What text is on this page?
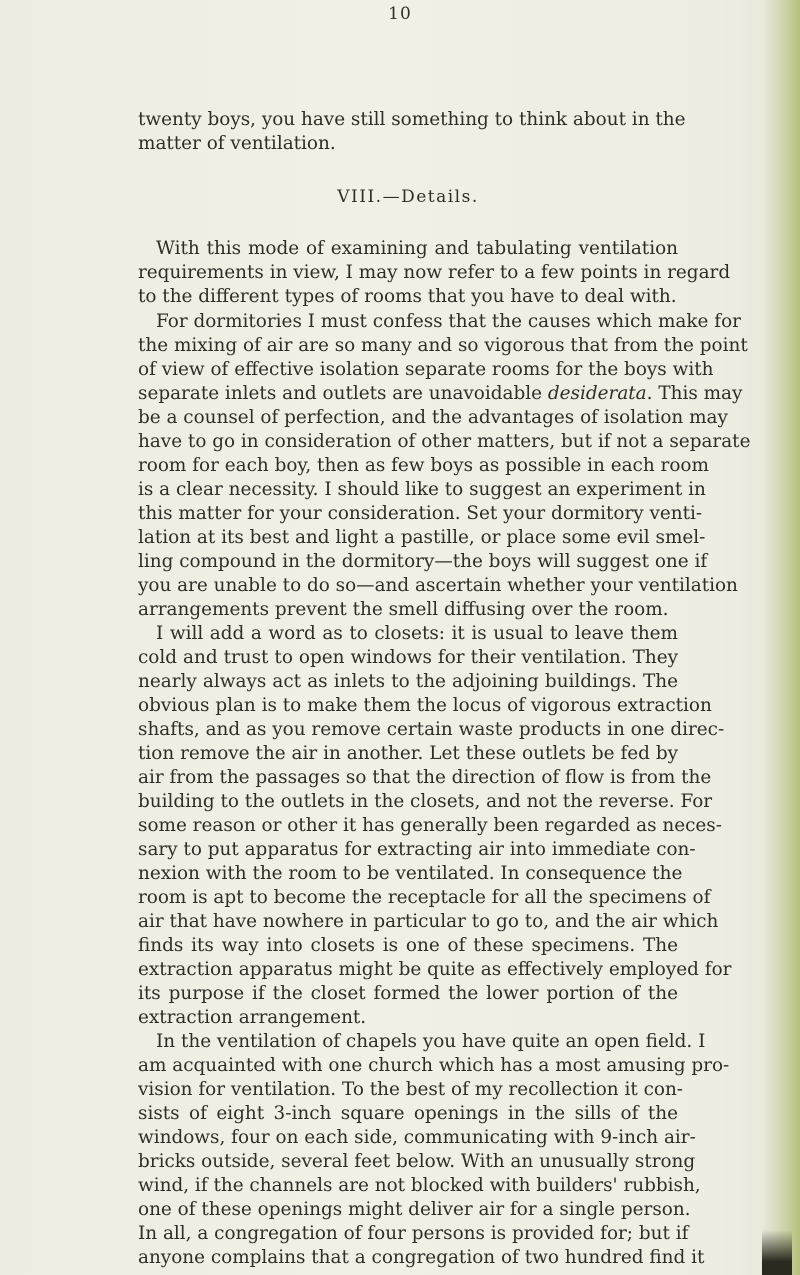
10
twenty boys, you have still something to think about in the
matter of ventilation.
VIII.—Details.
With this mode of examining and tabulating ventilation
requirements in view, I may now refer to a few points in regard
to the different types of rooms that you have to deal with.
For dormitories I must confess that the causes which make for
the mixing of air are so many and so vigorous that from the point
of view of effective isolation separate rooms for the boys with
separate inlets and outlets are unavoidable desiderata. This may
be a counsel of perfection, and the advantages of isolation may
have to go in consideration of other matters, but if not a separate
room for each boy, then as few boys as possible in each room
is a clear necessity. I should like to suggest an experiment in
this matter for your consideration. Set your dormitory venti-
lation at its best and light a pastille, or place some evil smel-
ling compound in the dormitory—the boys will suggest one if
you are unable to do so—and ascertain whether your ventilation
arrangements prevent the smell diffusing over the room.
I will add a word as to closets: it is usual to leave them
cold and trust to open windows for their ventilation. They
nearly always act as inlets to the adjoining buildings. The
obvious plan is to make them the locus of vigorous extraction
shafts, and as you remove certain waste products in one direc-
tion remove the air in another. Let these outlets be fed by
air from the passages so that the direction of flow is from the
building to the outlets in the closets, and not the reverse. For
some reason or other it has generally been regarded as neces-
sary to put apparatus for extracting air into immediate con-
nexion with the room to be ventilated. In consequence the
room is apt to become the receptacle for all the specimens of
air that have nowhere in particular to go to, and the air which
finds its way into closets is one of these specimens. The
extraction apparatus might be quite as effectively employed for
its purpose if the closet formed the lower portion of the
extraction arrangement.
In the ventilation of chapels you have quite an open field. I
am acquainted with one church which has a most amusing pro-
vision for ventilation. To the best of my recollection it con-
sists of eight 3-inch square openings in the sills of the
windows, four on each side, communicating with 9-inch air-
bricks outside, several feet below. With an unusually strong
wind, if the channels are not blocked with builders' rubbish,
one of these openings might deliver air for a single person.
In all, a congregation of four persons is provided for; but if
anyone complains that a congregation of two hundred find it
